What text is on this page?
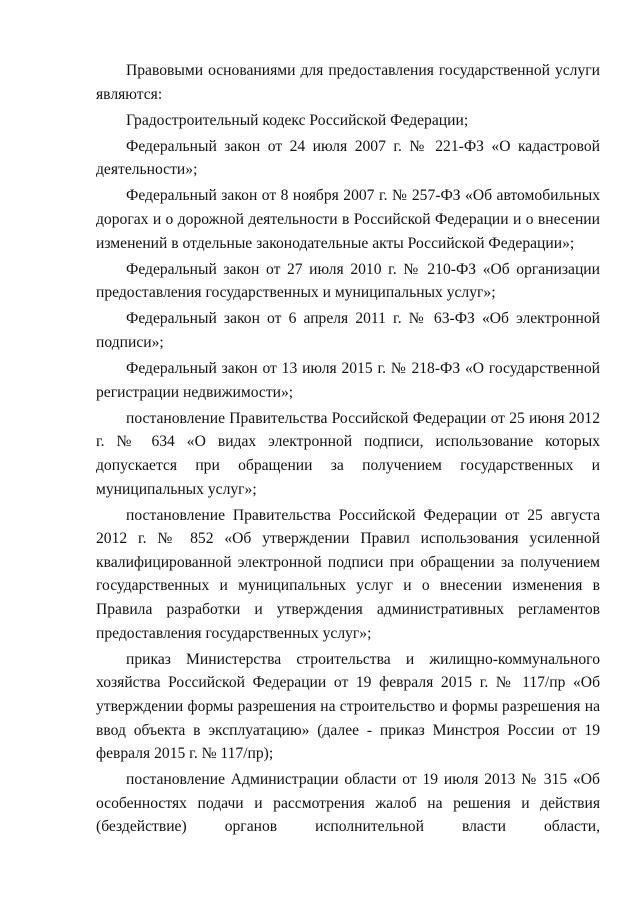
Правовыми основаниями для предоставления государственной услуги являются:

Градостроительный кодекс Российской Федерации;

Федеральный закон от 24 июля 2007 г. № 221-ФЗ «О кадастровой деятельности»;

Федеральный закон от 8 ноября 2007 г. № 257-ФЗ «Об автомобильных дорогах и о дорожной деятельности в Российской Федерации и о внесении изменений в отдельные законодательные акты Российской Федерации»;

Федеральный закон от 27 июля 2010 г. № 210-ФЗ «Об организации предоставления государственных и муниципальных услуг»;

Федеральный закон от 6 апреля 2011 г. № 63-ФЗ «Об электронной подписи»;

Федеральный закон от 13 июля 2015 г. № 218-ФЗ «О государственной регистрации недвижимости»;

постановление Правительства Российской Федерации от 25 июня 2012 г. № 634 «О видах электронной подписи, использование которых допускается при обращении за получением государственных и муниципальных услуг»;

постановление Правительства Российской Федерации от 25 августа 2012 г. № 852 «Об утверждении Правил использования усиленной квалифицированной электронной подписи при обращении за получением государственных и муниципальных услуг и о внесении изменения в Правила разработки и утверждения административных регламентов предоставления государственных услуг»;

приказ Министерства строительства и жилищно-коммунального хозяйства Российской Федерации от 19 февраля 2015 г. № 117/пр «Об утверждении формы разрешения на строительство и формы разрешения на ввод объекта в эксплуатацию» (далее - приказ Минстроя России от 19 февраля 2015 г. № 117/пр);

постановление Администрации области от 19 июля 2013 № 315 «Об особенностях подачи и рассмотрения жалоб на решения и действия (бездействие) органов исполнительной власти области,
